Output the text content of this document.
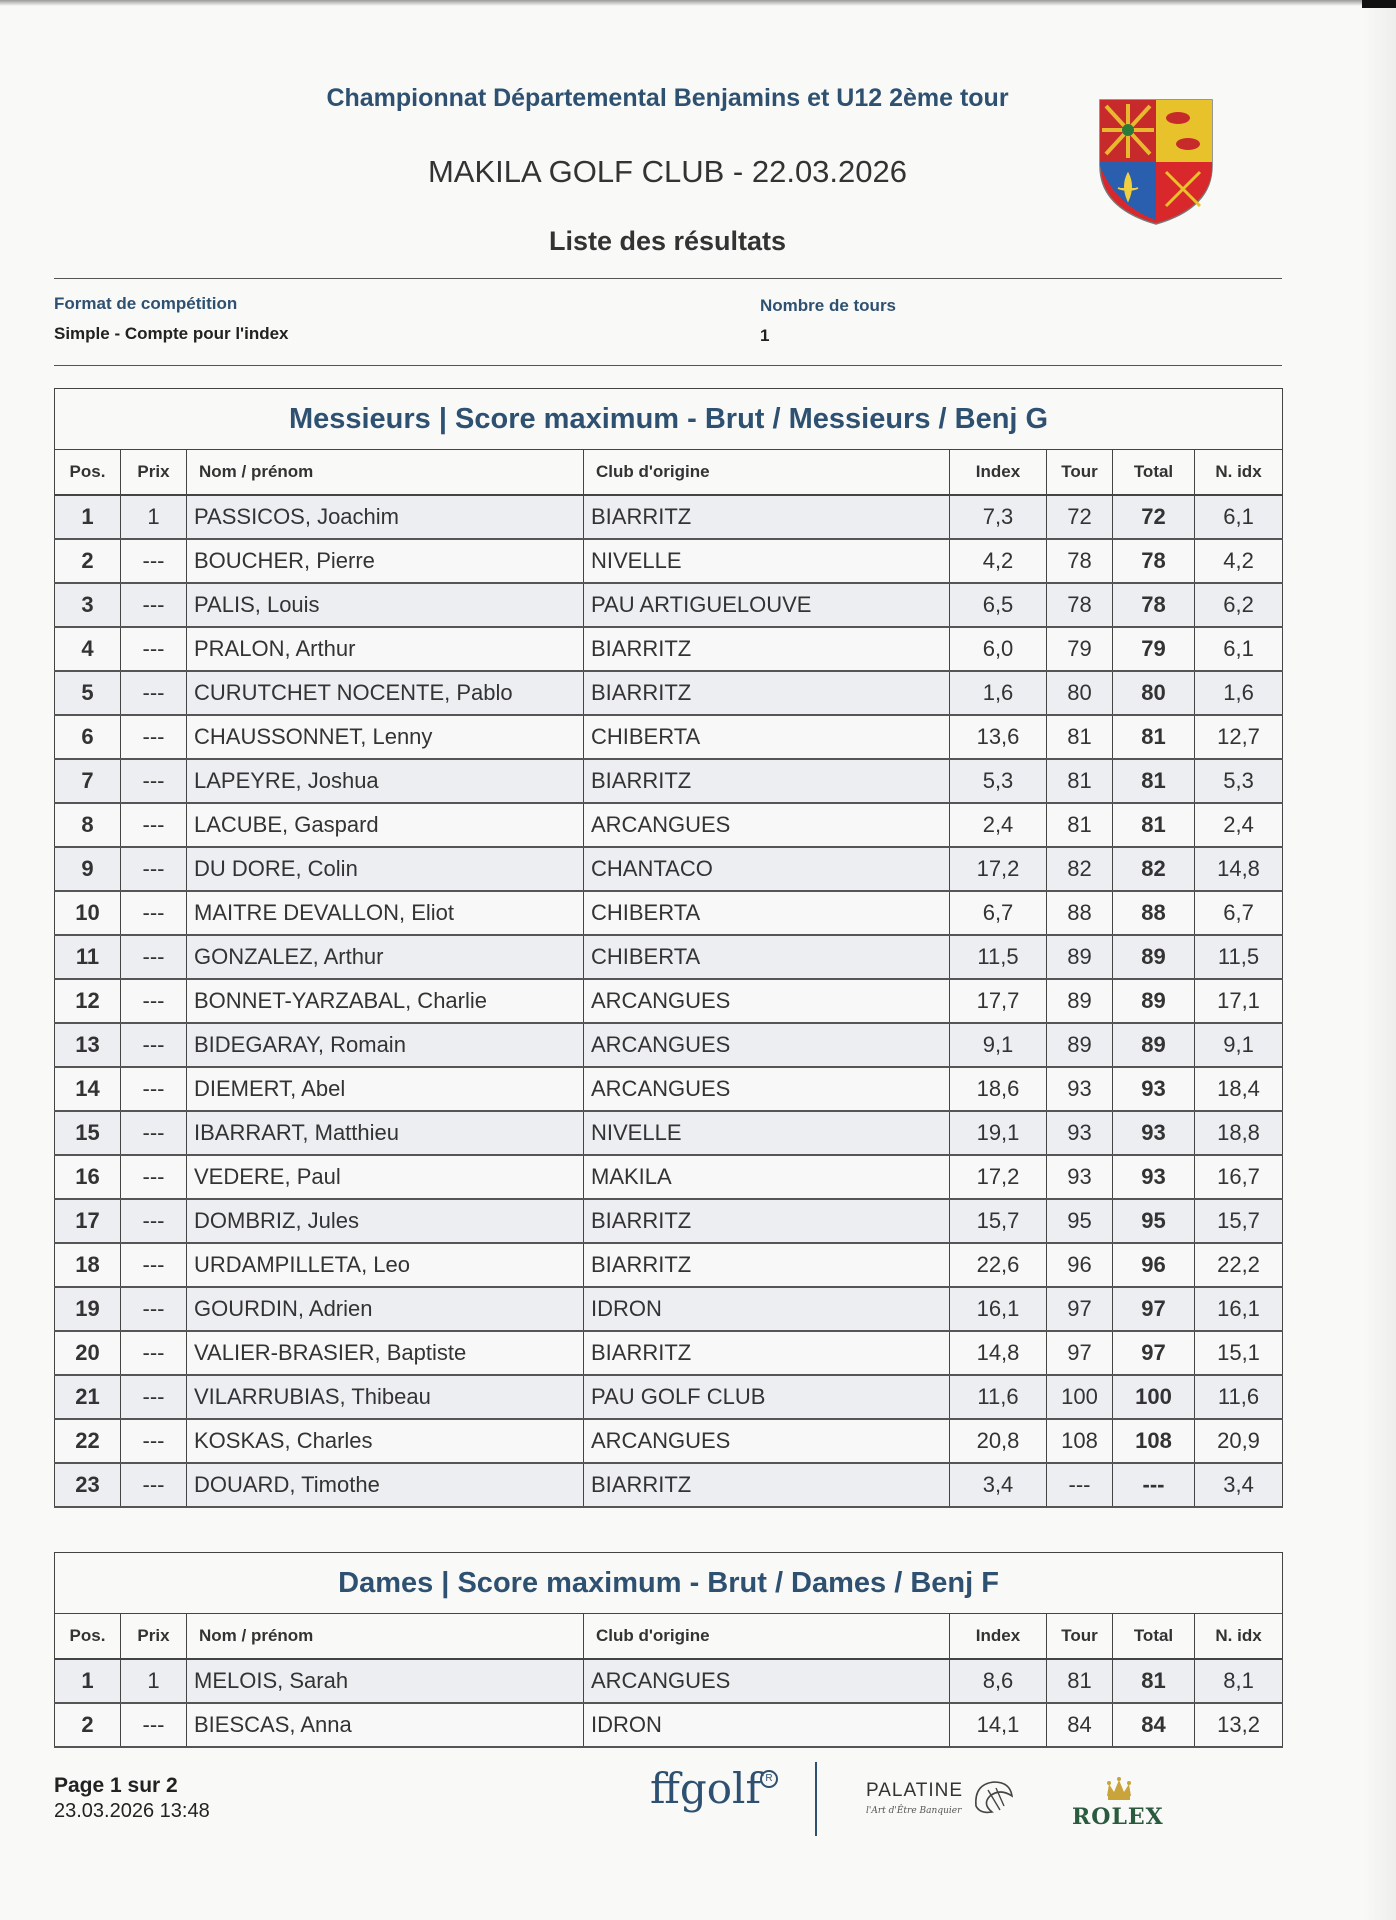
Championnat Départemental Benjamins et U12 2ème tour
MAKILA GOLF CLUB - 22.03.2026
Liste des résultats
Format de compétition
Simple - Compte pour l'index
Nombre de tours
1
Messieurs | Score maximum - Brut / Messieurs / Benj G							
Pos.	Prix	Nom / prénom	Club d'origine	Index	Tour	Total	N. idx
1	1	PASSICOS, Joachim	BIARRITZ	7,3	72	72	6,1
2	---	BOUCHER, Pierre	NIVELLE	4,2	78	78	4,2
3	---	PALIS, Louis	PAU ARTIGUELOUVE	6,5	78	78	6,2
4	---	PRALON, Arthur	BIARRITZ	6,0	79	79	6,1
5	---	CURUTCHET NOCENTE, Pablo	BIARRITZ	1,6	80	80	1,6
6	---	CHAUSSONNET, Lenny	CHIBERTA	13,6	81	81	12,7
7	---	LAPEYRE, Joshua	BIARRITZ	5,3	81	81	5,3
8	---	LACUBE, Gaspard	ARCANGUES	2,4	81	81	2,4
9	---	DU DORE, Colin	CHANTACO	17,2	82	82	14,8
10	---	MAITRE DEVALLON, Eliot	CHIBERTA	6,7	88	88	6,7
11	---	GONZALEZ, Arthur	CHIBERTA	11,5	89	89	11,5
12	---	BONNET-YARZABAL, Charlie	ARCANGUES	17,7	89	89	17,1
13	---	BIDEGARAY, Romain	ARCANGUES	9,1	89	89	9,1
14	---	DIEMERT, Abel	ARCANGUES	18,6	93	93	18,4
15	---	IBARRART, Matthieu	NIVELLE	19,1	93	93	18,8
16	---	VEDERE, Paul	MAKILA	17,2	93	93	16,7
17	---	DOMBRIZ, Jules	BIARRITZ	15,7	95	95	15,7
18	---	URDAMPILLETA, Leo	BIARRITZ	22,6	96	96	22,2
19	---	GOURDIN, Adrien	IDRON	16,1	97	97	16,1
20	---	VALIER-BRASIER, Baptiste	BIARRITZ	14,8	97	97	15,1
21	---	VILARRUBIAS, Thibeau	PAU GOLF CLUB	11,6	100	100	11,6
22	---	KOSKAS, Charles	ARCANGUES	20,8	108	108	20,9
23	---	DOUARD, Timothe	BIARRITZ	3,4	---	---	3,4
Dames | Score maximum - Brut / Dames / Benj F							
Pos.	Prix	Nom / prénom	Club d'origine	Index	Tour	Total	N. idx
1	1	MELOIS, Sarah	ARCANGUES	8,6	81	81	8,1
2	---	BIESCAS, Anna	IDRON	14,1	84	84	13,2
Page 1 sur 2
23.03.2026 13:48	ffgolf R
PALATINE
l'Art d'Être Banquier	ROLEX
